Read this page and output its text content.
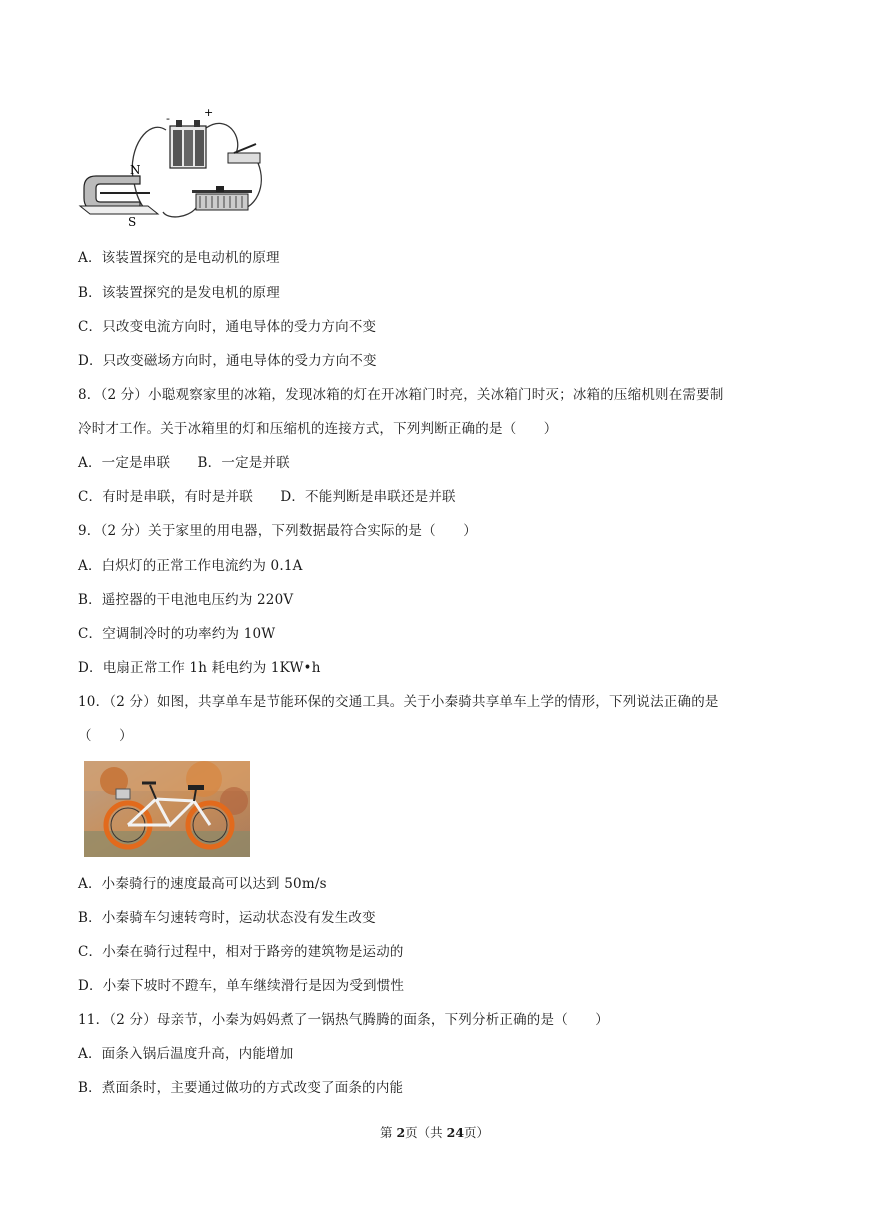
-	+
N
S
A．该装置探究的是电动机的原理
B．该装置探究的是发电机的原理
C．只改变电流方向时，通电导体的受力方向不变
D．只改变磁场方向时，通电导体的受力方向不变
8．（2 分）小聪观察家里的冰箱，发现冰箱的灯在开冰箱门时亮，关冰箱门时灭；冰箱的压缩机则在需要制
冷时才工作。关于冰箱里的灯和压缩机的连接方式，下列判断正确的是（　　）
A．一定是串联　　B．一定是并联
C．有时是串联，有时是并联　　D．不能判断是串联还是并联
9．（2 分）关于家里的用电器，下列数据最符合实际的是（　　）
A．白炽灯的正常工作电流约为 0.1A
B．遥控器的干电池电压约为 220V
C．空调制冷时的功率约为 10W
D．电扇正常工作 1h 耗电约为 1KW•h
10．（2 分）如图，共享单车是节能环保的交通工具。关于小秦骑共享单车上学的情形，下列说法正确的是
（　　）
A．小秦骑行的速度最高可以达到 50m/s
B．小秦骑车匀速转弯时，运动状态没有发生改变
C．小秦在骑行过程中，相对于路旁的建筑物是运动的
D．小秦下坡时不蹬车，单车继续滑行是因为受到惯性
11．（2 分）母亲节，小秦为妈妈煮了一锅热气腾腾的面条，下列分析正确的是（　　）
A．面条入锅后温度升高，内能增加
B．煮面条时，主要通过做功的方式改变了面条的内能
第 2页（共 24页）
